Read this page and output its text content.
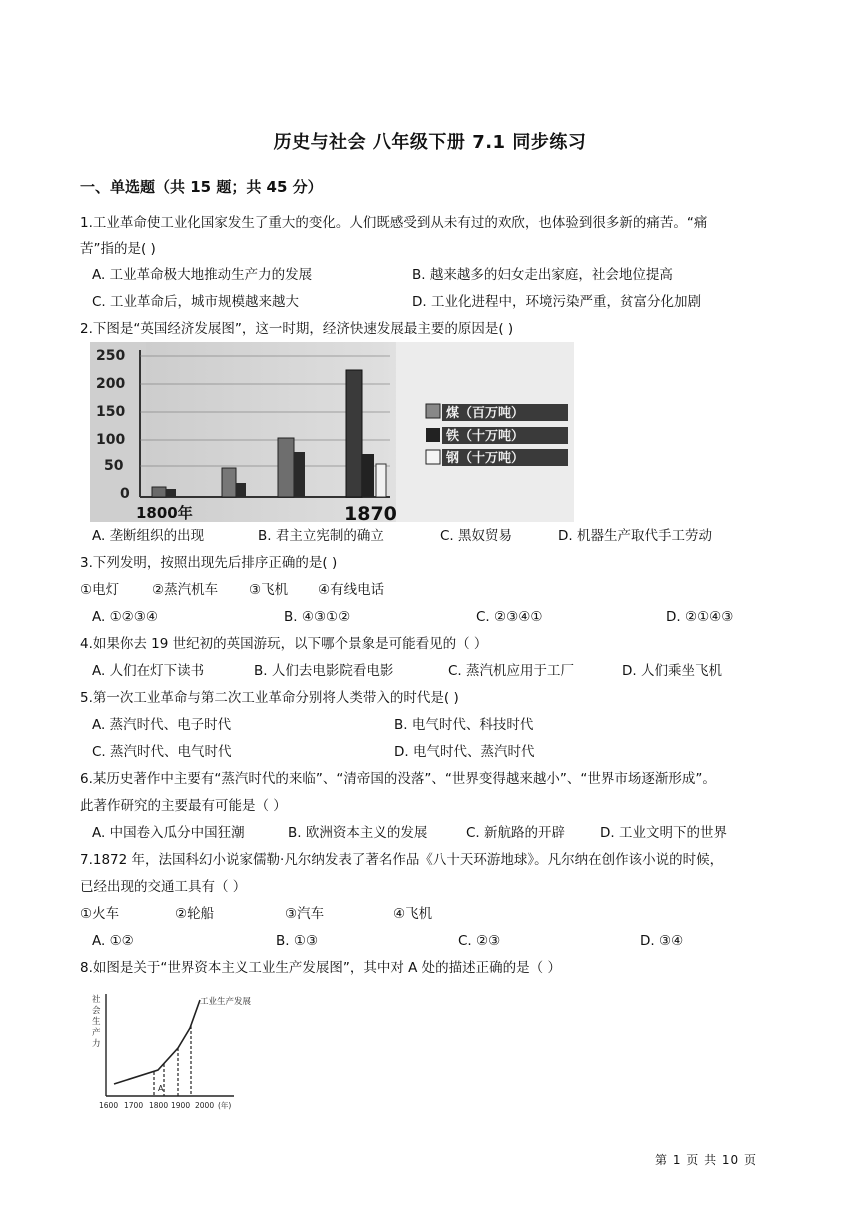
历史与社会 八年级下册 7.1 同步练习
一、单选题（共 15 题；共 45 分）
1.工业革命使工业化国家发生了重大的变化。人们既感受到从未有过的欢欣，也体验到很多新的痛苦。“痛
苦”指的是( )
A. 工业革命极大地推动生产力的发展	B. 越来越多的妇女走出家庭，社会地位提高
C. 工业革命后，城市规模越来越大	D. 工业化进程中，环境污染严重，贫富分化加剧
2.下图是“英国经济发展图”，这一时期，经济快速发展最主要的原因是( )
250
200
150
100
50
0
1800年	1870
煤（百万吨）
铁（十万吨）
钢（十万吨）
A. 垄断组织的出现	B. 君主立宪制的确立	C. 黑奴贸易	D. 机器生产取代手工劳动
3.下列发明，按照出现先后排序正确的是( )
①电灯 ②蒸汽机车 ③飞机 ④有线电话
A. ①②③④	B. ④③①②	C. ②③④①	D. ②①④③
4.如果你去 19 世纪初的英国游玩，以下哪个景象是可能看见的（ ）
A. 人们在灯下读书	B. 人们去电影院看电影	C. 蒸汽机应用于工厂	D. 人们乘坐飞机
5.第一次工业革命与第二次工业革命分别将人类带入的时代是( )
A. 蒸汽时代、电子时代	B. 电气时代、科技时代
C. 蒸汽时代、电气时代	D. 电气时代、蒸汽时代
6.某历史著作中主要有“蒸汽时代的来临”、“清帝国的没落”、“世界变得越来越小”、“世界市场逐渐形成”。
此著作研究的主要最有可能是（ ）
A. 中国卷入瓜分中国狂潮	B. 欧洲资本主义的发展	C. 新航路的开辟	D. 工业文明下的世界
7.1872 年，法国科幻小说家儒勒·凡尔纳发表了著名作品《八十天环游地球》。凡尔纳在创作该小说的时候，
已经出现的交通工具有（ ）
①火车	②轮船	③汽车	④飞机
A. ①②	B. ①③	C. ②③	D. ③④
8.如图是关于“世界资本主义工业生产发展图”，其中对 A 处的描述正确的是（ ）
社
会
生
产
力
工业生产发展
A
1600 1700 1800 1900 2000 (年)
第 1 页 共 10 页
